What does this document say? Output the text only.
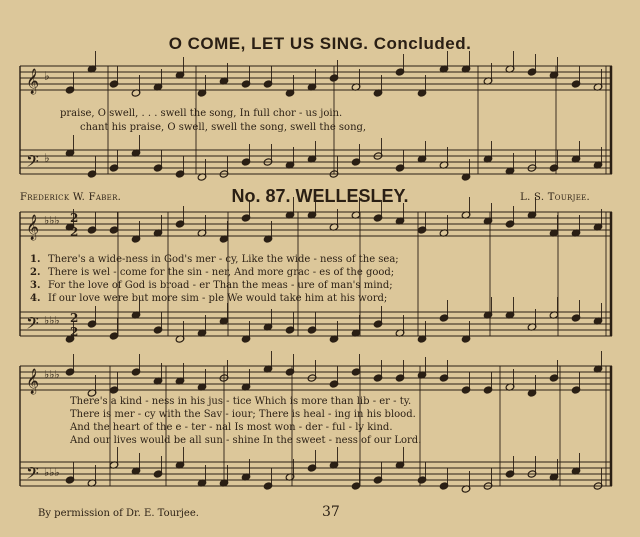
O COME, LET US SING. Concluded.
𝄞
𝄢
𝄞
𝄢
𝄞
𝄢
♭
♭
♭♭♭
♭♭♭
♭♭♭
♭♭♭
2
2
2
2
praise, O swell, . . . swell the song, In full chor - us join.
chant his praise, O swell, swell the song, swell the song,
Frederick W. Faber.	No. 87. WELLESLEY.	L. S. Tourjee.
1. There's a wide-ness in God's mer - cy, Like the wide - ness of the sea;
2. There is wel - come for the sin - ner, And more grac - es of the good;
3. For the love of God is broad - er Than the meas - ure of man's mind;
4. If our love were but more sim - ple We would take him at his word;
There's a kind - ness in his jus - tice Which is more than lib - er - ty.
There is mer - cy with the Sav - iour; There is heal - ing in his blood.
And the heart of the e - ter - nal Is most won - der - ful - ly kind.
And our lives would be all sun - shine In the sweet - ness of our Lord.
By permission of Dr. E. Tourjee.	37
